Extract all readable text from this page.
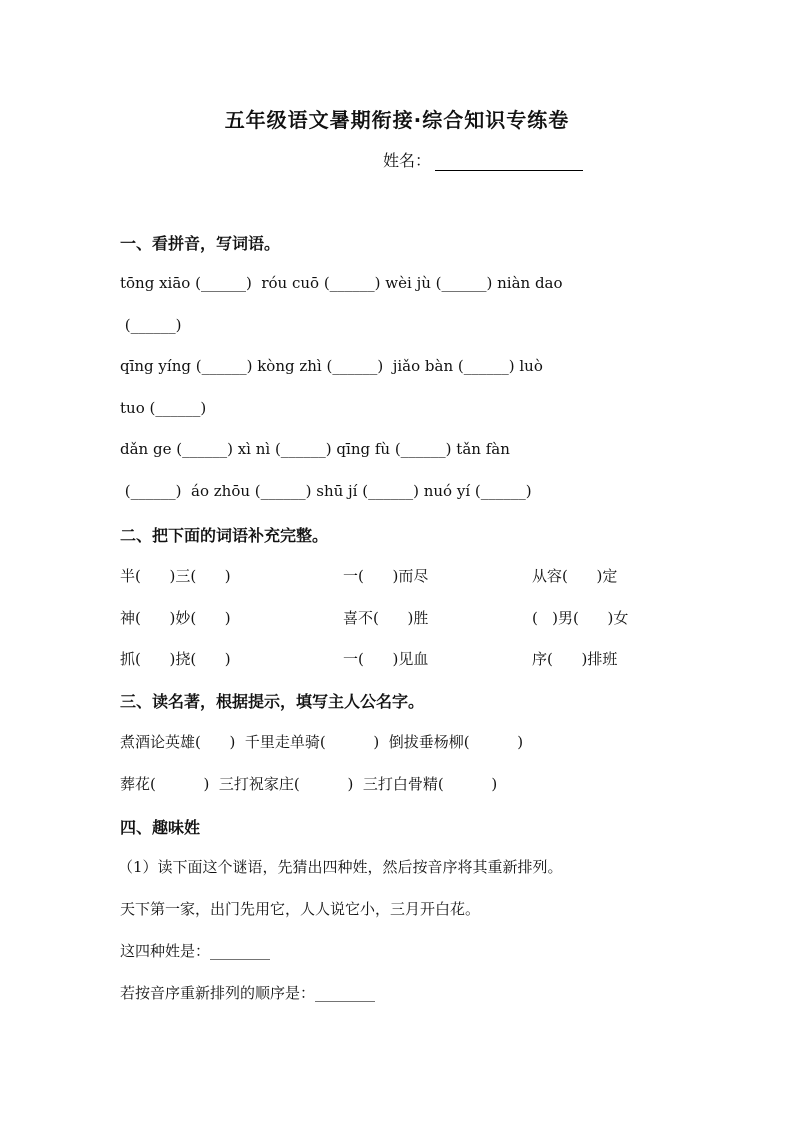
五年级语文暑期衔接·综合知识专练卷
姓名：
一、看拼音，写词语。
tōng xiāo (______)  róu cuō (______) wèi jù (______) niàn dao
(______)
qīng yíng (______) kòng zhì (______)  jiǎo bàn (______) luò
tuo (______)
dǎn ge (______) xì nì (______) qīng fù (______) tǎn fàn
(______)  áo zhōu (______) shū jí (______) nuó yí (______)
二、把下面的词语补充完整。
半(      )三(      )	一(      )而尽	从容(      )定
神(      )妙(      )	喜不(      )胜	(   )男(      )女
抓(      )挠(      )	一(      )见血	序(      )排班
三、读名著，根据提示，填写主人公名字。
煮酒论英雄(      )  千里走单骑(          )  倒拔垂杨柳(          )
葬花(          )  三打祝家庄(          )  三打白骨精(          )
四、趣味姓
（1）读下面这个谜语，先猜出四种姓，然后按音序将其重新排列。
天下第一家，出门先用它，人人说它小，三月开白花。
这四种姓是：________
若按音序重新排列的顺序是：________
